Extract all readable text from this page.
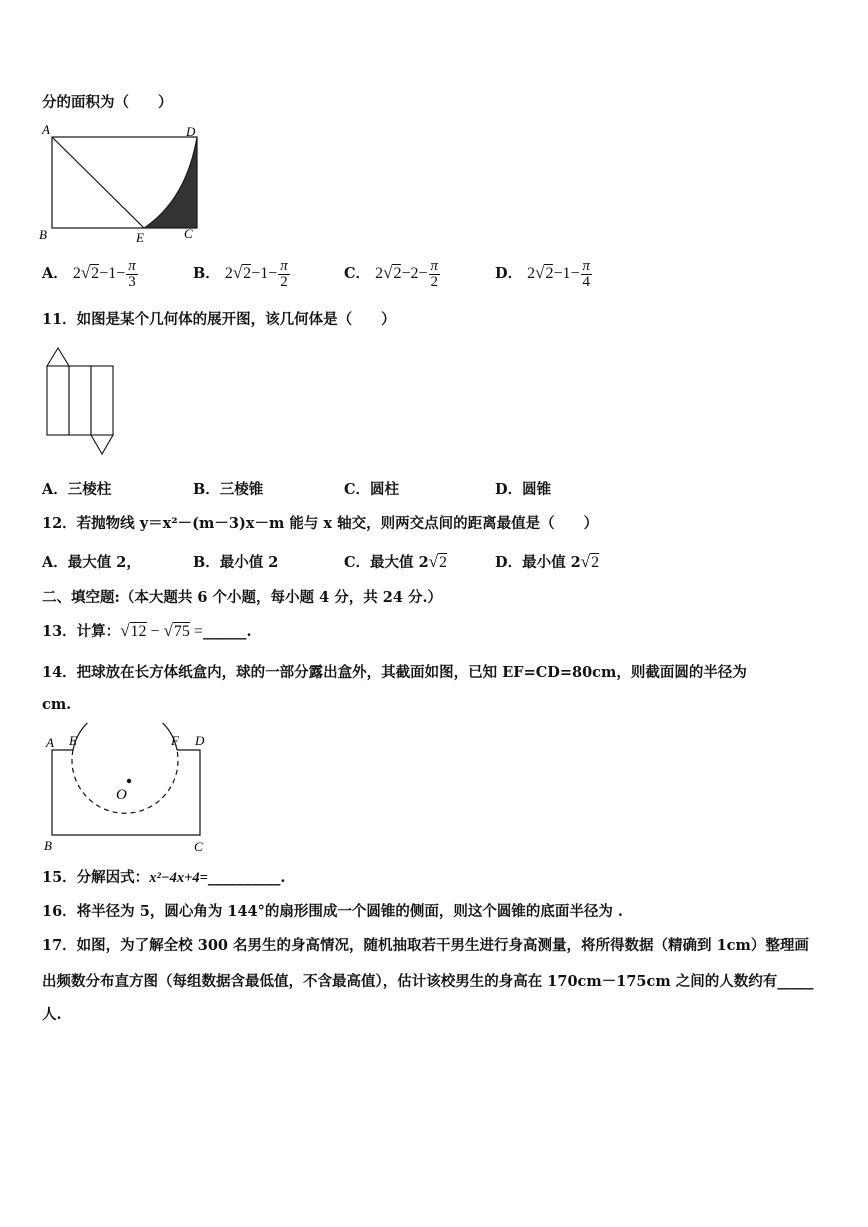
分的面积为（　　）
A	D
B	E	C
A． $2√2-1- \frac{\pi}{3}$	B． $2√2-1- \frac{\pi}{2}$	C． $2√2-2- \frac{\pi}{2}$	D． $2√2-1- \frac{\pi}{4}$
11．如图是某个几何体的展开图，该几何体是（　　）
A．三棱柱	B．三棱锥	C．圆柱	D．圆锥
12．若抛物线 y＝x²－(m－3)x－m 能与 x 轴交，则两交点间的距离最值是（　　）
A．最大值 2，	B．最小值 2	C．最大值 2√2	D．最小值 2√2
二、填空题:（本大题共 6 个小题，每小题 4 分，共 24 分.）
13．计算：√12 − √75 =______.
14．把球放在长方体纸盒内，球的一部分露出盒外，其截面如图，已知 EF=CD=80cm，则截面圆的半径为
cm.
A E	F D
O
B	C
15．分解因式：x²−4x+4=__________.
16．将半径为 5，圆心角为 144°的扇形围成一个圆锥的侧面，则这个圆锥的底面半径为 .
17．如图，为了解全校 300 名男生的身高情况，随机抽取若干男生进行身高测量，将所得数据（精确到 1cm）整理画
出频数分布直方图（每组数据含最低值，不含最高值），估计该校男生的身高在 170cm－175cm 之间的人数约有_____
人.
